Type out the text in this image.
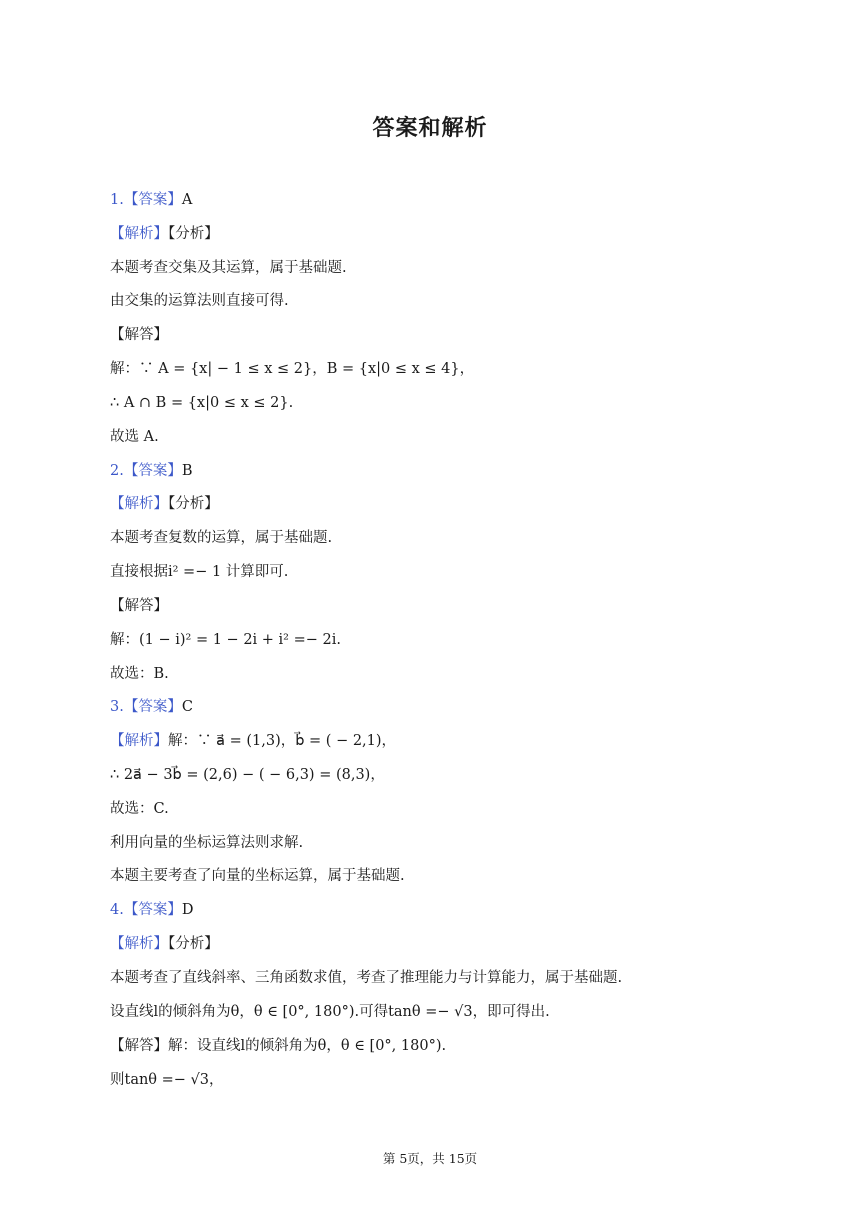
答案和解析
1.【答案】A
【解析】【分析】
本题考查交集及其运算，属于基础题.
由交集的运算法则直接可得.
【解答】
解：∵ A = {x| − 1 ≤ x ≤ 2}，B = {x|0 ≤ x ≤ 4}，
∴ A ∩ B = {x|0 ≤ x ≤ 2}.
故选 A.
2.【答案】B
【解析】【分析】
本题考查复数的运算，属于基础题.
直接根据i² =− 1 计算即可.
【解答】
解：(1 − i)² = 1 − 2i + i² =− 2i.
故选：B.
3.【答案】C
【解析】解：∵ a⃗ = (1,3)，b⃗ = ( − 2,1)，
∴ 2a⃗ − 3b⃗ = (2,6) − ( − 6,3) = (8,3)，
故选：C.
利用向量的坐标运算法则求解.
本题主要考查了向量的坐标运算，属于基础题.
4.【答案】D
【解析】【分析】
本题考查了直线斜率、三角函数求值，考查了推理能力与计算能力，属于基础题.
设直线l的倾斜角为θ，θ ∈ [0°, 180°).可得tanθ =− √3，即可得出.
【解答】解：设直线l的倾斜角为θ，θ ∈ [0°, 180°).
则tanθ =− √3，
第 5页，共 15页
